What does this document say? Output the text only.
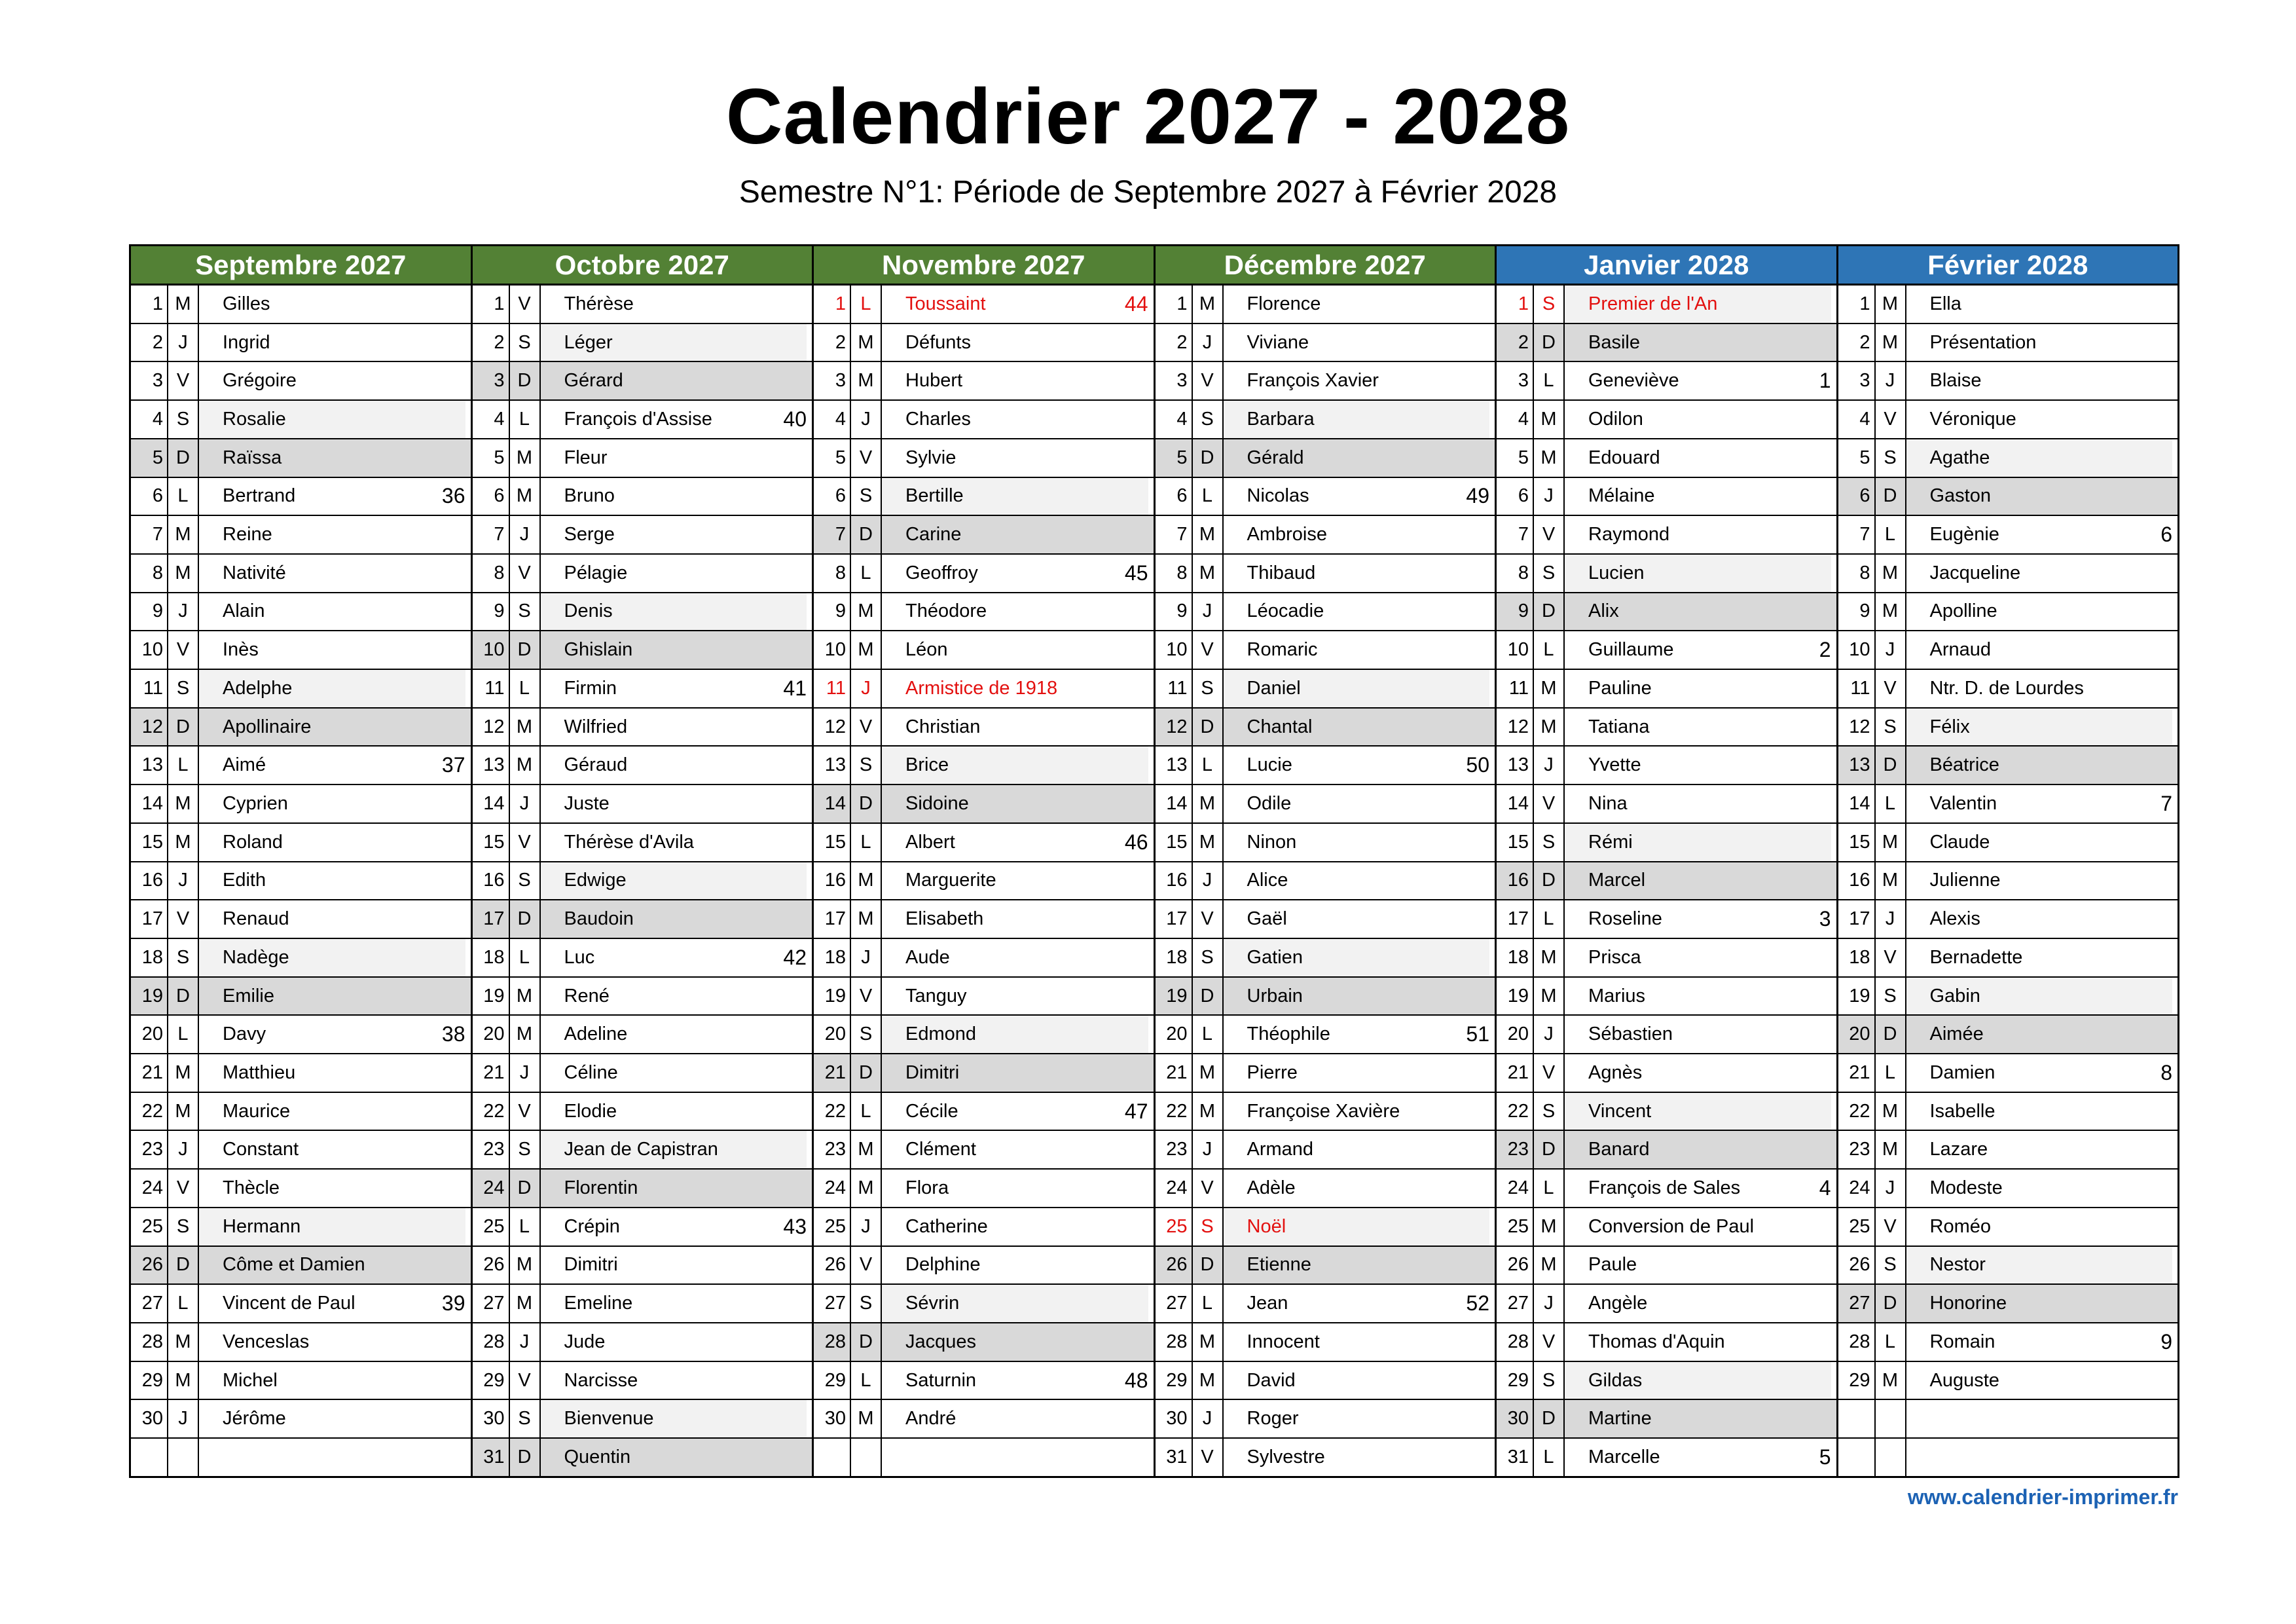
Calendrier 2027 - 2028
Semestre N°1: Période de Septembre 2027 à Février 2028
Septembre 2027
1 M	Gilles
2 J	Ingrid
3 V	Grégoire
4 S	Rosalie
5 D	Raïssa
6 L	Bertrand	36
7 M	Reine
8 M	Nativité
9 J	Alain
10 V	Inès
11 S	Adelphe
12 D	Apollinaire
13 L	Aimé	37
14 M	Cyprien
15 M	Roland
16 J	Edith
17 V	Renaud
18 S	Nadège
19 D	Emilie
20 L	Davy	38
21 M	Matthieu
22 M	Maurice
23 J	Constant
24 V	Thècle
25 S	Hermann
26 D	Côme et Damien
27 L	Vincent de Paul	39
28 M	Venceslas
29 M	Michel
30 J	Jérôme
Octobre 2027
1 V	Thérèse
2 S	Léger
3 D	Gérard
4 L	François d'Assise	40
5 M	Fleur
6 M	Bruno
7 J	Serge
8 V	Pélagie
9 S	Denis
10 D	Ghislain
11 L	Firmin	41
12 M	Wilfried
13 M	Géraud
14 J	Juste
15 V	Thérèse d'Avila
16 S	Edwige
17 D	Baudoin
18 L	Luc	42
19 M	René
20 M	Adeline
21 J	Céline
22 V	Elodie
23 S	Jean de Capistran
24 D	Florentin
25 L	Crépin	43
26 M	Dimitri
27 M	Emeline
28 J	Jude
29 V	Narcisse
30 S	Bienvenue
31 D	Quentin
Novembre 2027
1 L	Toussaint	44
2 M	Défunts
3 M	Hubert
4 J	Charles
5 V	Sylvie
6 S	Bertille
7 D	Carine
8 L	Geoffroy	45
9 M	Théodore
10 M	Léon
11 J	Armistice de 1918
12 V	Christian
13 S	Brice
14 D	Sidoine
15 L	Albert	46
16 M	Marguerite
17 M	Elisabeth
18 J	Aude
19 V	Tanguy
20 S	Edmond
21 D	Dimitri
22 L	Cécile	47
23 M	Clément
24 M	Flora
25 J	Catherine
26 V	Delphine
27 S	Sévrin
28 D	Jacques
29 L	Saturnin	48
30 M	André
Décembre 2027
1 M	Florence
2 J	Viviane
3 V	François Xavier
4 S	Barbara
5 D	Gérald
6 L	Nicolas	49
7 M	Ambroise
8 M	Thibaud
9 J	Léocadie
10 V	Romaric
11 S	Daniel
12 D	Chantal
13 L	Lucie	50
14 M	Odile
15 M	Ninon
16 J	Alice
17 V	Gaël
18 S	Gatien
19 D	Urbain
20 L	Théophile	51
21 M	Pierre
22 M	Françoise Xavière
23 J	Armand
24 V	Adèle
25 S	Noël
26 D	Etienne
27 L	Jean	52
28 M	Innocent
29 M	David
30 J	Roger
31 V	Sylvestre
Janvier 2028
1 S	Premier de l'An
2 D	Basile
3 L	Geneviève	1
4 M	Odilon
5 M	Edouard
6 J	Mélaine
7 V	Raymond
8 S	Lucien
9 D	Alix
10 L	Guillaume	2
11 M	Pauline
12 M	Tatiana
13 J	Yvette
14 V	Nina
15 S	Rémi
16 D	Marcel
17 L	Roseline	3
18 M	Prisca
19 M	Marius
20 J	Sébastien
21 V	Agnès
22 S	Vincent
23 D	Banard
24 L	François de Sales	4
25 M	Conversion de Paul
26 M	Paule
27 J	Angèle
28 V	Thomas d'Aquin
29 S	Gildas
30 D	Martine
31 L	Marcelle	5
Février 2028
1 M	Ella
2 M	Présentation
3 J	Blaise
4 V	Véronique
5 S	Agathe
6 D	Gaston
7 L	Eugènie	6
8 M	Jacqueline
9 M	Apolline
10 J	Arnaud
11 V	Ntr. D. de Lourdes
12 S	Félix
13 D	Béatrice
14 L	Valentin	7
15 M	Claude
16 M	Julienne
17 J	Alexis
18 V	Bernadette
19 S	Gabin
20 D	Aimée
21 L	Damien	8
22 M	Isabelle
23 M	Lazare
24 J	Modeste
25 V	Roméo
26 S	Nestor
27 D	Honorine
28 L	Romain	9
29 M	Auguste
www.calendrier-imprimer.fr
